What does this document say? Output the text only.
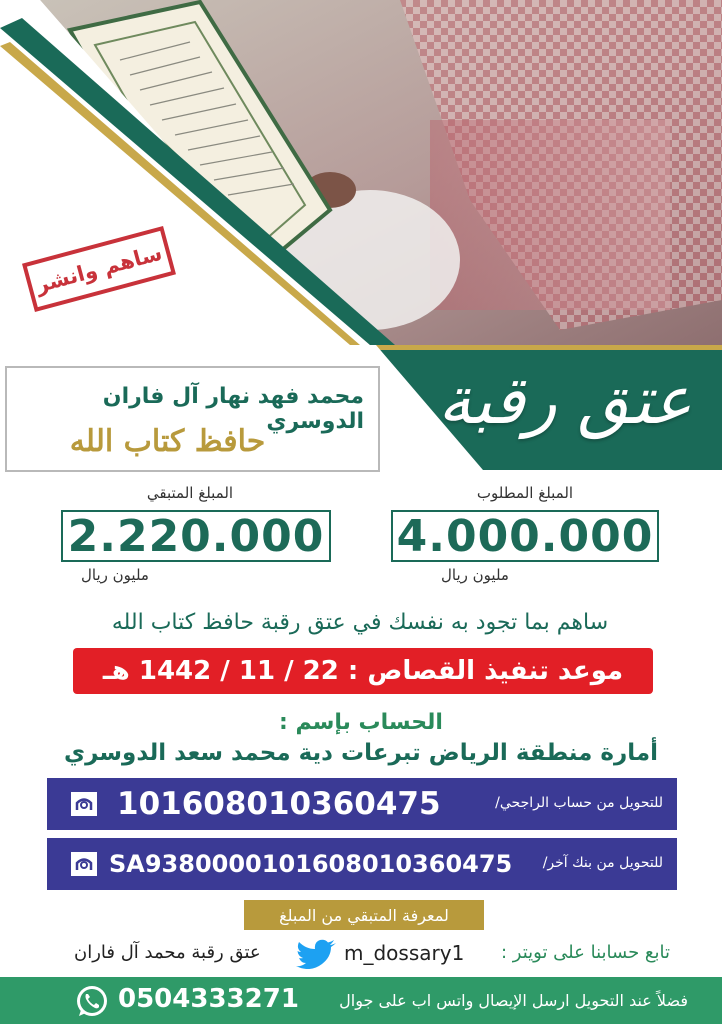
ساهم وانشر
عتق رقبة
محمد فهد نهار آل فاران الدوسري
حافظ كتاب الله
المبلغ المطلوب
4.000.000
مليون ريال
المبلغ المتبقي
2.220.000
مليون ريال
ساهم بما تجود به نفسك في عتق رقبة حافظ كتاب الله
موعد تنفيذ القصاص : 22 / 11 / 1442 هـ
الحساب بإسم :
أمارة منطقة الرياض تبرعات دية محمد سعد الدوسري
101608010360475	للتحويل من حساب الراجحي/
SA9380000101608010360475 للتحويل من بنك آخر/
لمعرفة المتبقي من المبلغ
تابع حسابنا على تويتر :
m_dossary1
عتق رقبة محمد آل فاران
0504333271	فضلاً عند التحويل ارسل الإيصال واتس اب على جوال
